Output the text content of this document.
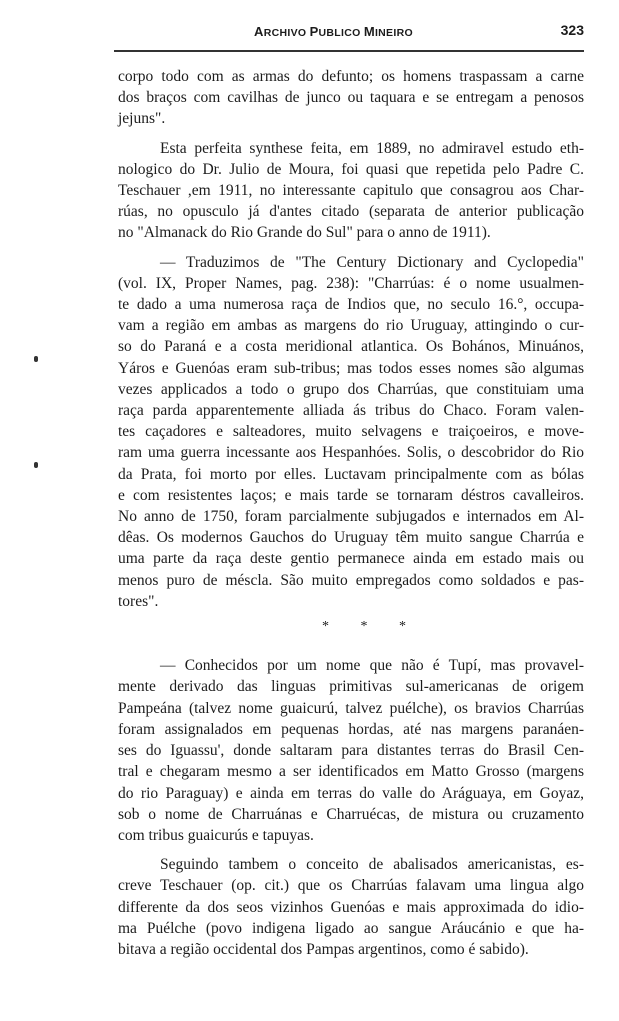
ARCHIVO PUBLICO MINEIRO	323
corpo todo com as armas do defunto; os homens traspassam a carne
dos braços com cavilhas de junco ou taquara e se entregam a penosos
jejuns".
Esta perfeita synthese feita, em 1889, no admiravel estudo eth-
nologico do Dr. Julio de Moura, foi quasi que repetida pelo Padre C.
Teschauer ,em 1911, no interessante capitulo que consagrou aos Char-
rúas, no opusculo já d'antes citado (separata de anterior publicação
no "Almanack do Rio Grande do Sul" para o anno de 1911).
— Traduzimos de "The Century Dictionary and Cyclopedia"
(vol. IX, Proper Names, pag. 238): "Charrúas: é o nome usualmen-
te dado a uma numerosa raça de Indios que, no seculo 16.°, occupa-
vam a região em ambas as margens do rio Uruguay, attingindo o cur-
so do Paraná e a costa meridional atlantica. Os Bohános, Minuános,
Yáros e Guenóas eram sub-tribus; mas todos esses nomes são algumas
vezes applicados a todo o grupo dos Charrúas, que constituiam uma
raça parda apparentemente alliada ás tribus do Chaco. Foram valen-
tes caçadores e salteadores, muito selvagens e traiçoeiros, e move-
ram uma guerra incessante aos Hespanhóes. Solis, o descobridor do Rio
da Prata, foi morto por elles. Luctavam principalmente com as bólas
e com resistentes laços; e mais tarde se tornaram déstros cavalleiros.
No anno de 1750, foram parcialmente subjugados e internados em Al-
dêas. Os modernos Gauchos do Uruguay têm muito sangue Charrúa e
uma parte da raça deste gentio permanece ainda em estado mais ou
menos puro de méscla. São muito empregados como soldados e pas-
tores".
* * *
— Conhecidos por um nome que não é Tupí, mas provavel-
mente derivado das linguas primitivas sul-americanas de origem
Pampeána (talvez nome guaicurú, talvez puélche), os bravios Charrúas
foram assignalados em pequenas hordas, até nas margens paranáen-
ses do Iguassu', donde saltaram para distantes terras do Brasil Cen-
tral e chegaram mesmo a ser identificados em Matto Grosso (margens
do rio Paraguay) e ainda em terras do valle do Aráguaya, em Goyaz,
sob o nome de Charruánas e Charruécas, de mistura ou cruzamento
com tribus guaicurús e tapuyas.
Seguindo tambem o conceito de abalisados americanistas, es-
creve Teschauer (op. cit.) que os Charrúas falavam uma lingua algo
differente da dos seos vizinhos Guenóas e mais approximada do idio-
ma Puélche (povo indigena ligado ao sangue Aráucánio e que ha-
bitava a região occidental dos Pampas argentinos, como é sabido).
